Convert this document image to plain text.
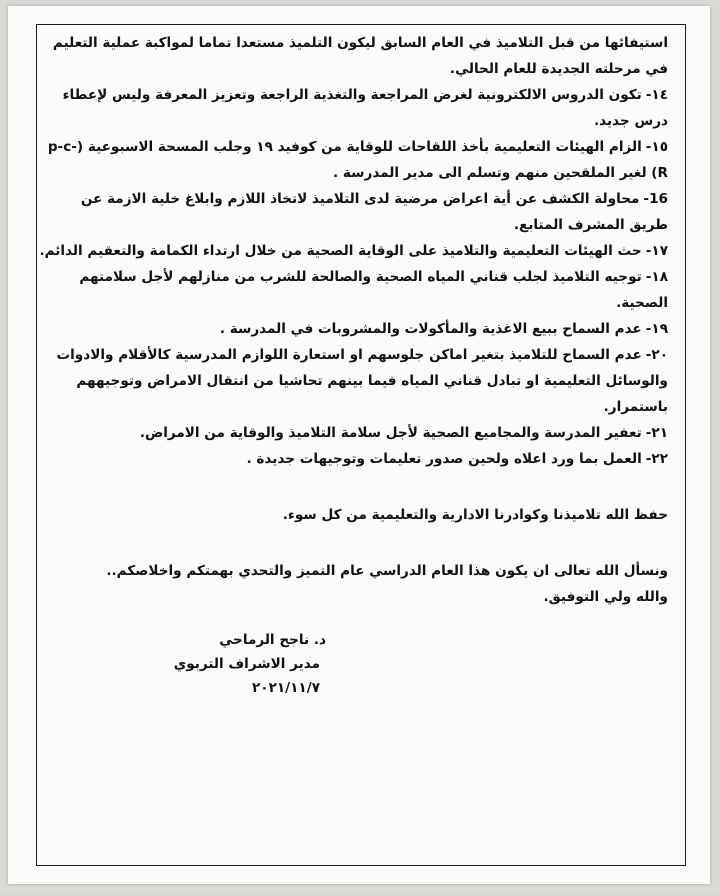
استيفائها من قبل التلاميذ في العام السابق ليكون التلميذ مستعدا تماما لمواكبة عملية التعليم في مرحلته الجديدة للعام الحالي.

١٤-تكون الدروس الالكترونية لغرض المراجعة والتغذية الراجعة وتعزيز المعرفة وليس لإعطاء درس جديد.
١٥-الزام الهيئات التعليمية بأخذ اللقاحات للوقاية من كوفيد ١٩ وجلب المسحة الاسبوعية (p-c-R) لغير الملقحين منهم وتسلم الى مدير المدرسة .
16-محاولة الكشف عن أية اعراض مرضية لدى التلاميذ لاتخاذ اللازم وابلاغ خلية الازمة عن طريق المشرف المتابع.
١٧-حث الهيئات التعليمية والتلاميذ على الوقاية الصحية من خلال ارتداء الكمامة والتعقيم الدائم.
١٨-توجيه التلاميذ لجلب قناني المياه الصحية والصالحة للشرب من منازلهم لأجل سلامتهم الصحية.
١٩-عدم السماح ببيع الاغذية والمأكولات والمشروبات في المدرسة .
٢٠-عدم السماح للتلاميذ بتغير اماكن جلوسهم او استعارة اللوازم المدرسية كالأقلام والادوات والوسائل التعليمية او تبادل قناني المياه فيما بينهم تحاشيا من انتقال الامراض وتوجيههم باستمرار.
٢١-تعفير المدرسة والمجاميع الصحية لأجل سلامة التلاميذ والوقاية من الامراض.
٢٢-العمل بما ورد اعلاه ولحين صدور تعليمات وتوجيهات جديدة .

حفظ الله تلاميذنا وكوادرنا الادارية والتعليمية من كل سوء.

ونسأل الله تعالى ان يكون هذا العام الدراسي عام التميز والتحدي بهمتكم واخلاصكم..

والله ولي التوفيق.

د. ناجح الرماحي
مدير الاشراف التربوي
٢٠٢١/١١/٧
